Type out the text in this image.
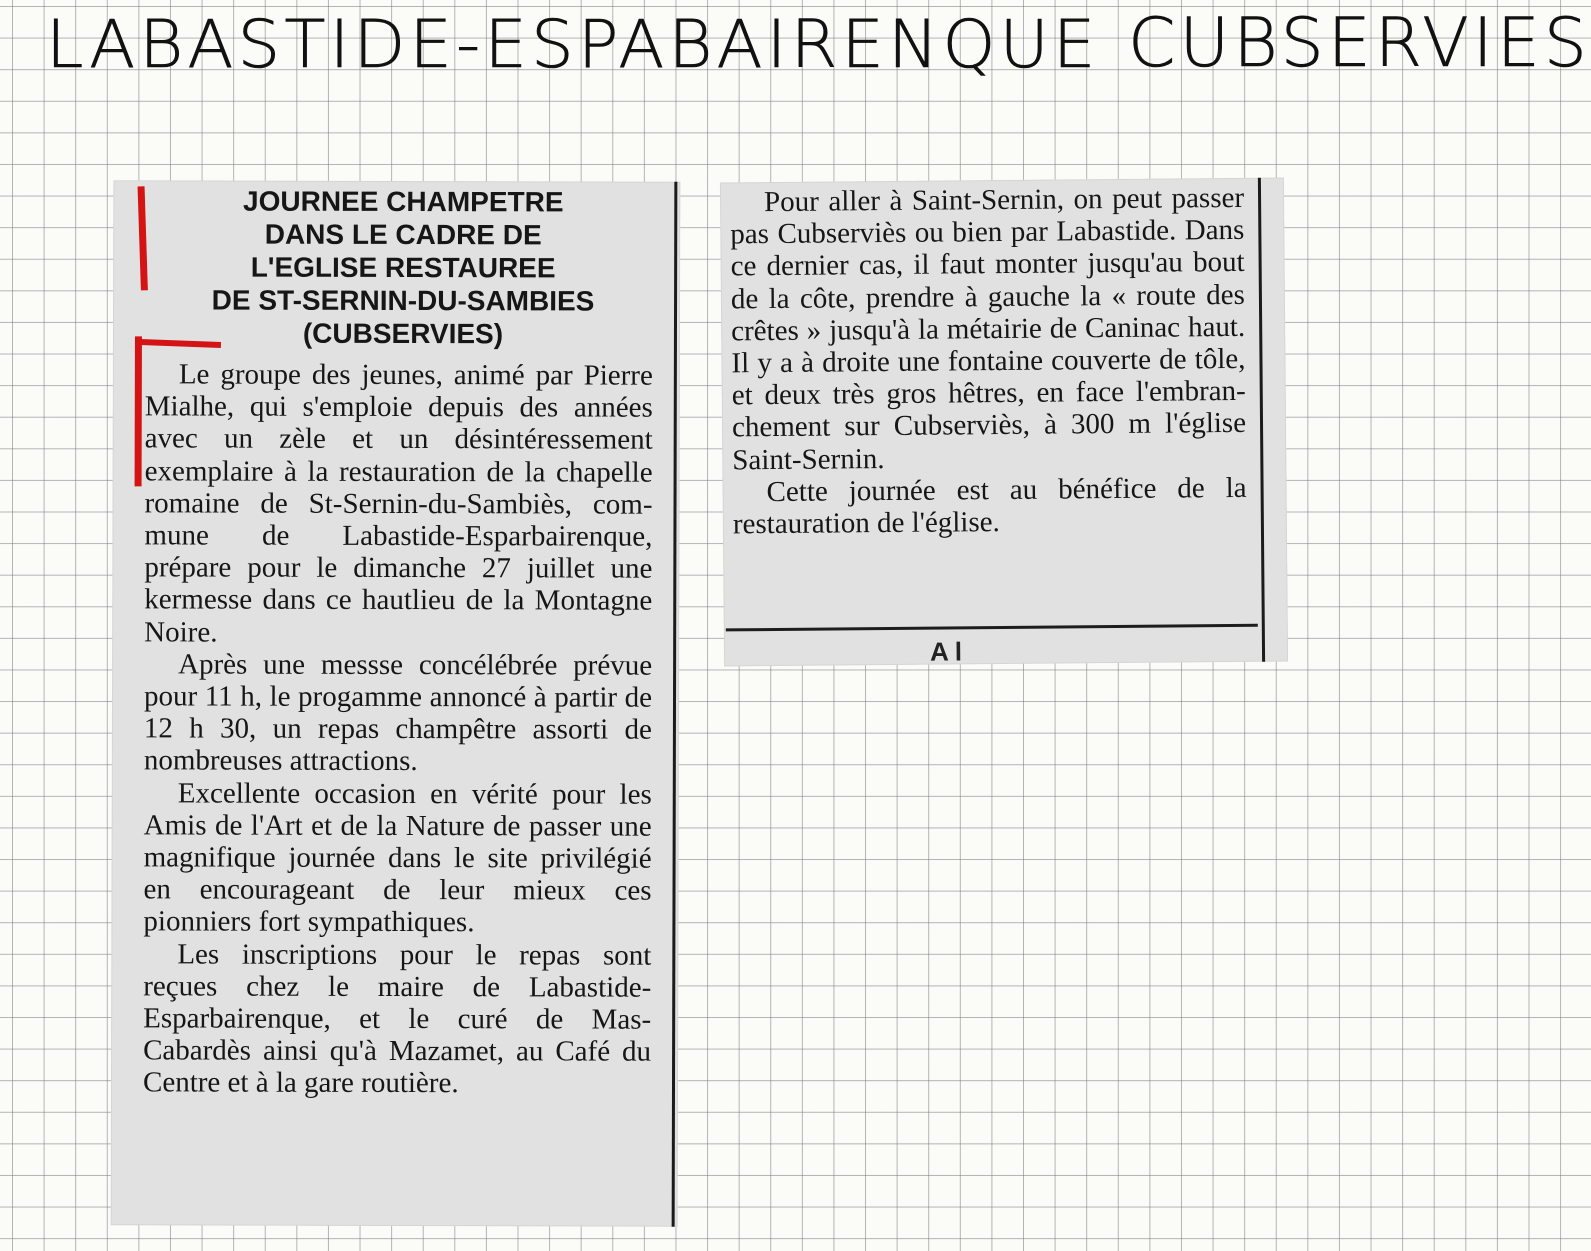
LABASTIDE-ESPABAIRENQUE CUBSERVIES
JOURNEE CHAMPETRE
DANS LE CADRE DE
L'EGLISE RESTAUREE
DE ST-SERNIN-DU-SAMBIES
(CUBSERVIES)

Le groupe des jeunes, animé par Pierre Mialhe, qui s'emploie depuis des années avec un zèle et un désintéressement exemplaire à la restauration de la chapelle romaine de St-Sernin-du-Sambiès, commune de Labastide-Esparbairenque, prépare pour le dimanche 27 juillet une kermesse dans ce hautlieu de la Montagne Noire.

Après une messse concélébrée prévue pour 11 h, le progamme annoncé à partir de 12 h 30, un repas champêtre assorti de nombreuses attractions.

Excellente occasion en vérité pour les Amis de l'Art et de la Nature de passer une magnifique journée dans le site privilégié en encourageant de leur mieux ces pionniers fort sympathiques.

Les inscriptions pour le repas sont reçues chez le maire de Labastide-Esparbairenque, et le curé de Mas-Cabardès ainsi qu'à Mazamet, au Café du Centre et à la gare routière.

Pour aller à Saint-Sernin, on peut passer pas Cubserviès ou bien par Labastide. Dans ce dernier cas, il faut monter jusqu'au bout de la côte, prendre à gauche la « route des crêtes » jusqu'à la métairie de Caninac haut. Il y a à droite une fontaine couverte de tôle, et deux très gros hêtres, en face l'embranchement sur Cubserviès, à 300 m l'église Saint-Sernin.

Cette journée est au bénéfice de la restauration de l'église.

Al
